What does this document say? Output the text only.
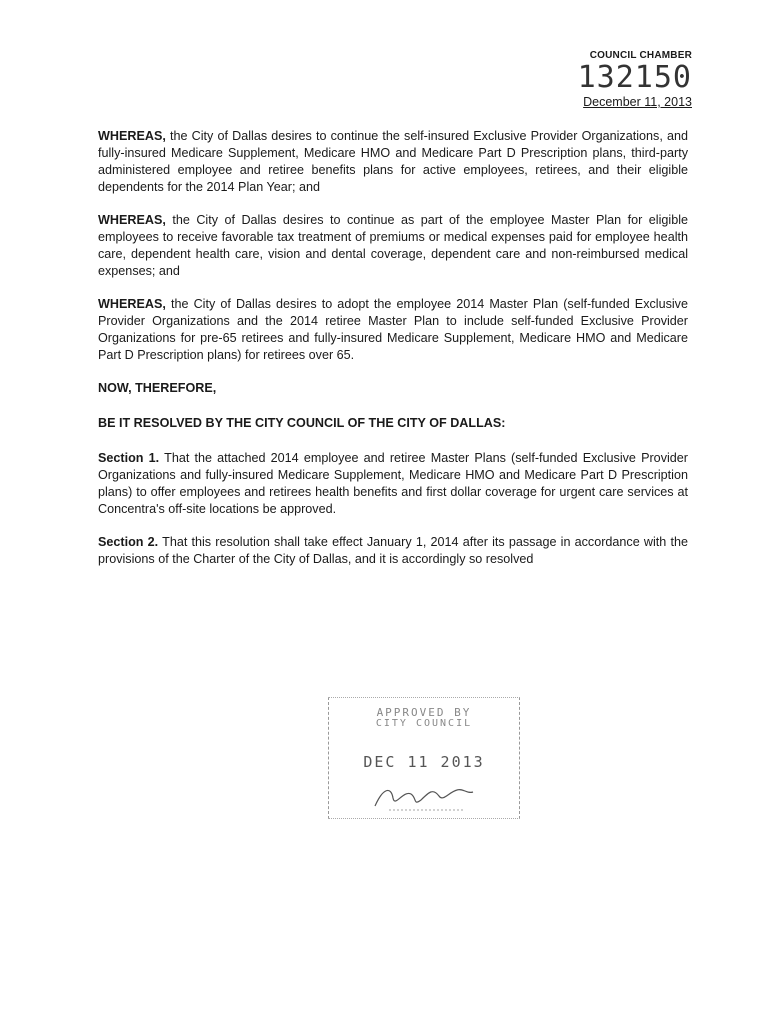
COUNCIL CHAMBER
132150
December 11, 2013

WHEREAS, the City of Dallas desires to continue the self-insured Exclusive Provider Organizations, and fully-insured Medicare Supplement, Medicare HMO and Medicare Part D Prescription plans, third-party administered employee and retiree benefits plans for active employees, retirees, and their eligible dependents for the 2014 Plan Year; and

WHEREAS, the City of Dallas desires to continue as part of the employee Master Plan for eligible employees to receive favorable tax treatment of premiums or medical expenses paid for employee health care, dependent health care, vision and dental coverage, dependent care and non-reimbursed medical expenses; and

WHEREAS, the City of Dallas desires to adopt the employee 2014 Master Plan (self-funded Exclusive Provider Organizations and the 2014 retiree Master Plan to include self-funded Exclusive Provider Organizations for pre-65 retirees and fully-insured Medicare Supplement, Medicare HMO and Medicare Part D Prescription plans) for retirees over 65.

NOW, THEREFORE,

BE IT RESOLVED BY THE CITY COUNCIL OF THE CITY OF DALLAS:

Section 1. That the attached 2014 employee and retiree Master Plans (self-funded Exclusive Provider Organizations and fully-insured Medicare Supplement, Medicare HMO and Medicare Part D Prescription plans) to offer employees and retirees health benefits and first dollar coverage for urgent care services at Concentra's off-site locations be approved.

Section 2. That this resolution shall take effect January 1, 2014 after its passage in accordance with the provisions of the Charter of the City of Dallas, and it is accordingly so resolved

APPROVED BY
CITY COUNCIL
DEC 11 2013
